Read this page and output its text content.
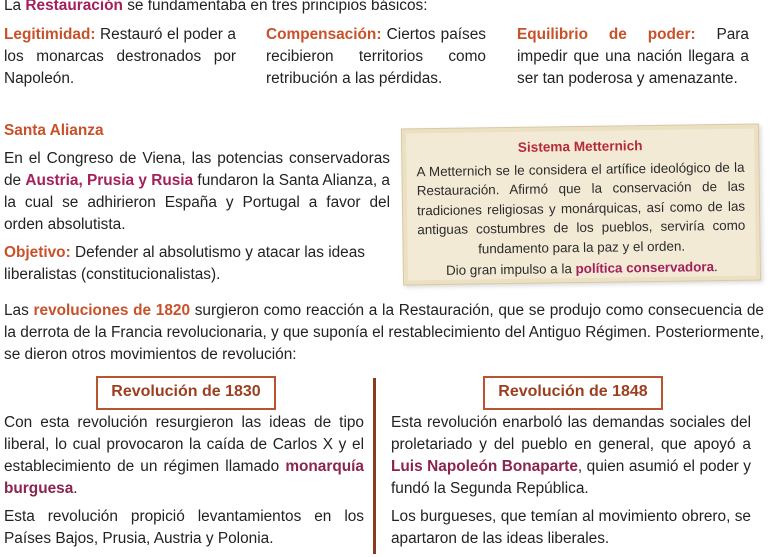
La Restauración se fundamentaba en tres principios básicos:
Legitimidad: Restauró el poder a los monarcas destronados por Napoleón.
Compensación: Ciertos países recibieron territorios como retribución a las pérdidas.
Equilibrio de poder: Para impedir que una nación llegara a ser tan poderosa y amenazante.
Santa Alianza
En el Congreso de Viena, las potencias conservadoras de Austria, Prusia y Rusia fundaron la Santa Alianza, a la cual se adhirieron España y Portugal a favor del orden absolutista.
Objetivo: Defender al absolutismo y atacar las ideas liberalistas (constitucionalistas).
Sistema Metternich
A Metternich se le considera el artífice ideológico de la Restauración. Afirmó que la conservación de las tradiciones religiosas y monárquicas, así como de las antiguas costumbres de los pueblos, serviría como fundamento para la paz y el orden.
Dio gran impulso a la política conservadora.
Las revoluciones de 1820 surgieron como reacción a la Restauración, que se produjo como consecuencia de la derrota de la Francia revolucionaria, y que suponía el restablecimiento del Antiguo Régimen. Posteriormente, se dieron otros movimientos de revolución:
Revolución de 1830
Con esta revolución resurgieron las ideas de tipo liberal, lo cual provocaron la caída de Carlos X y el establecimiento de un régimen llamado monarquía burguesa.
Esta revolución propició levantamientos en los Países Bajos, Prusia, Austria y Polonia.
Revolución de 1848
Esta revolución enarboló las demandas sociales del proletariado y del pueblo en general, que apoyó a Luis Napoleón Bonaparte, quien asumió el poder y fundó la Segunda República.
Los burgueses, que temían al movimiento obrero, se apartaron de las ideas liberales.
